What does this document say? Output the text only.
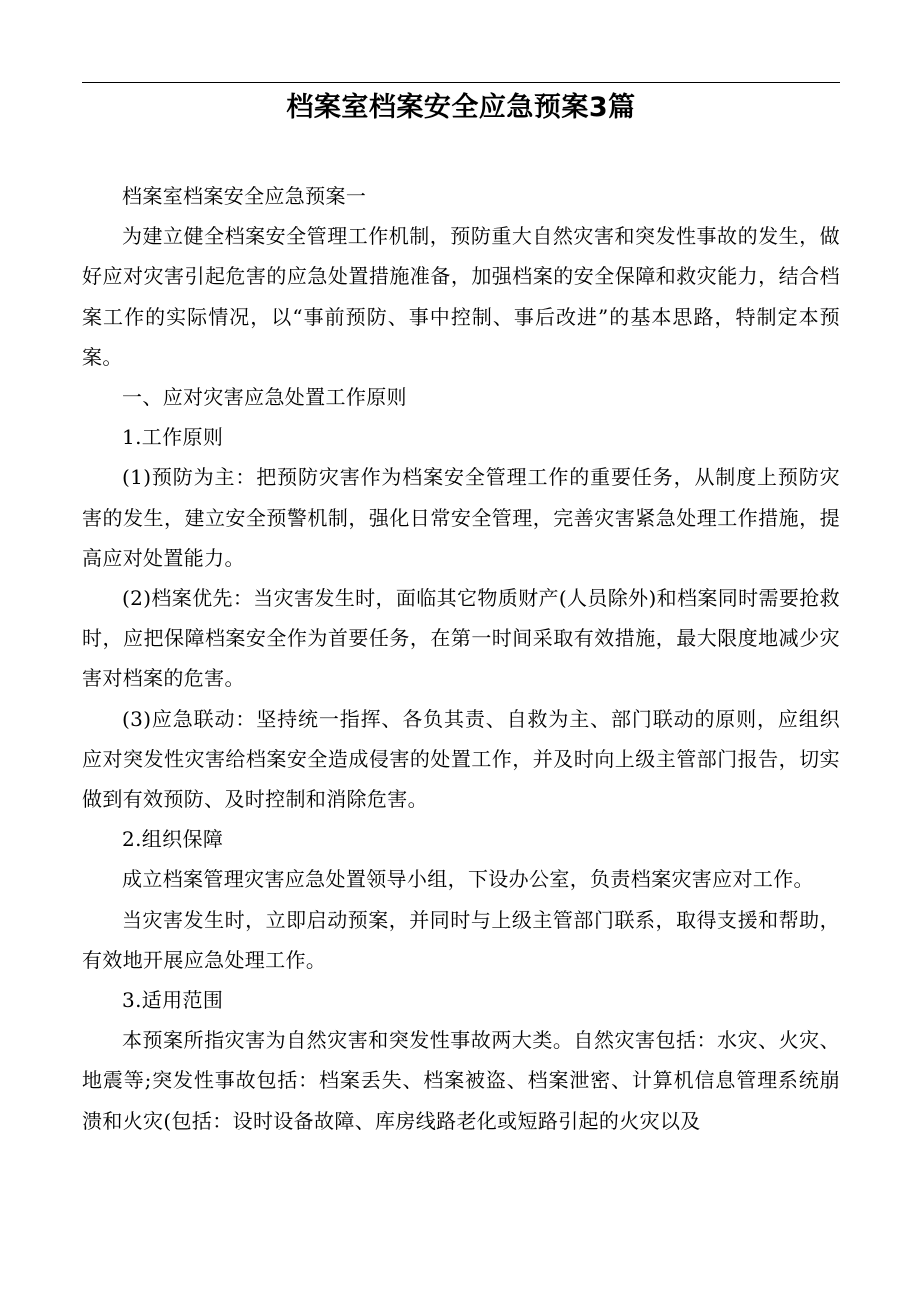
档案室档案安全应急预案3篇

档案室档案安全应急预案一

为建立健全档案安全管理工作机制，预防重大自然灾害和突发性事故的发生，做好应对灾害引起危害的应急处置措施准备，加强档案的安全保障和救灾能力，结合档案工作的实际情况，以“事前预防、事中控制、事后改进”的基本思路，特制定本预案。

一、应对灾害应急处置工作原则

1.工作原则

(1)预防为主：把预防灾害作为档案安全管理工作的重要任务，从制度上预防灾害的发生，建立安全预警机制，强化日常安全管理，完善灾害紧急处理工作措施，提高应对处置能力。

(2)档案优先：当灾害发生时，面临其它物质财产(人员除外)和档案同时需要抢救时，应把保障档案安全作为首要任务，在第一时间采取有效措施，最大限度地减少灾害对档案的危害。

(3)应急联动：坚持统一指挥、各负其责、自救为主、部门联动的原则，应组织应对突发性灾害给档案安全造成侵害的处置工作，并及时向上级主管部门报告，切实做到有效预防、及时控制和消除危害。

2.组织保障

成立档案管理灾害应急处置领导小组，下设办公室，负责档案灾害应对工作。

当灾害发生时，立即启动预案，并同时与上级主管部门联系，取得支援和帮助，有效地开展应急处理工作。

3.适用范围

本预案所指灾害为自然灾害和突发性事故两大类。自然灾害包括：水灾、火灾、地震等;突发性事故包括：档案丢失、档案被盗、档案泄密、计算机信息管理系统崩溃和火灾(包括：设时设备故障、库房线路老化或短路引起的火灾以及
